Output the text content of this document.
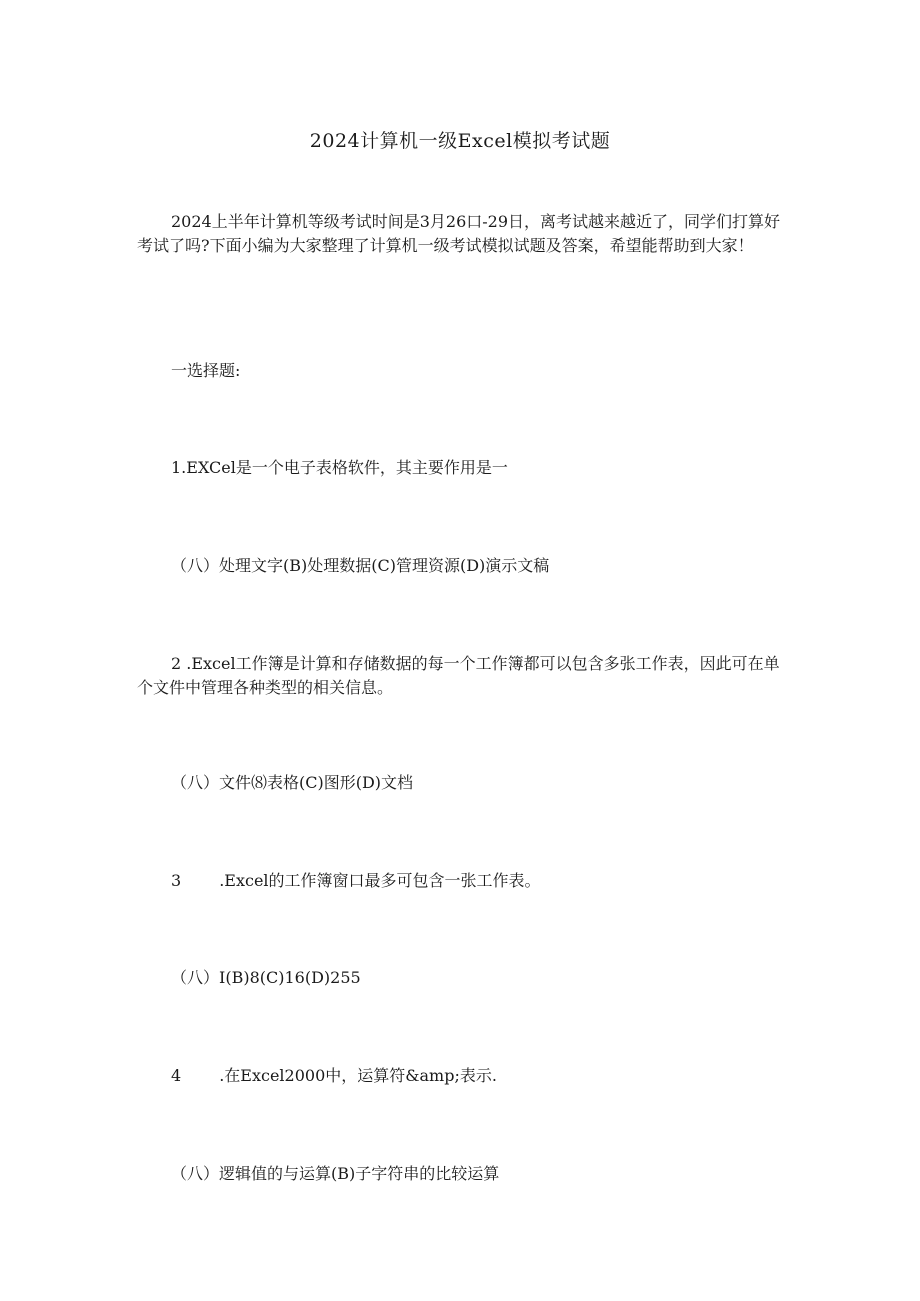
2024计算机一级Excel模拟考试题
2024上半年计算机等级考试时间是3月26口-29日，离考试越来越近了，同学们打算好考试了吗?下面小编为大家整理了计算机一级考试模拟试题及答案，希望能帮助到大家！
一选择题:
1.EXCel是一个电子表格软件，其主要作用是一
（八）处理文字(B)处理数据(C)管理资源(D)演示文稿
2 .Excel工作簿是计算和存储数据的每一个工作簿都可以包含多张工作表，因此可在单个文件中管理各种类型的相关信息。
（八）文件⑻表格(C)图形(D)文档
3 .Excel的工作簿窗口最多可包含一张工作表。
（八）I(B)8(C)16(D)255
4 .在Excel2000中，运算符&amp;表示.
（八）逻辑值的与运算(B)子字符串的比较运算
